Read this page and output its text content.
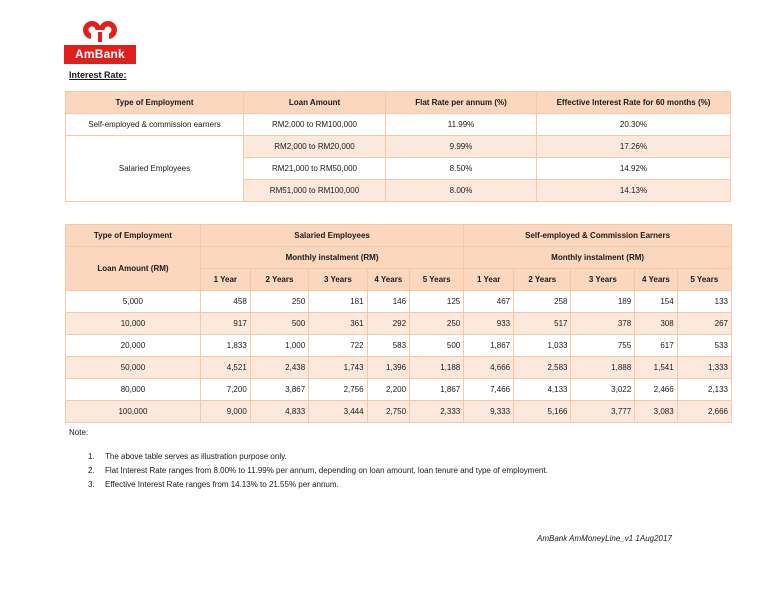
AmBank
Interest Rate:
Type of Employment	Loan Amount	Flat Rate per annum (%)	Effective Interest Rate for 60 months (%)
Self-employed & commission earners	RM2,000 to RM100,000	11.99%	20.30%
Salaried Employees	RM2,000 to RM20,000	9.99%	17.26%
	RM21,000 to RM50,000	8.50%	14.92%
	RM51,000 to RM100,000	8.00%	14.13%
Type of Employment	Salaried Employees					Self-employed & Commission Earners				
Loan Amount (RM)	Monthly instalment (RM)					Monthly instalment (RM)				
	1 Year	2 Years	3 Years	4 Years	5 Years	1 Year	2 Years	3 Years	4 Years	5 Years
5,000	458	250	181	146	125	467	258	189	154	133
10,000	917	500	361	292	250	933	517	378	308	267
20,000	1,833	1,000	722	583	500	1,867	1,033	755	617	533
50,000	4,521	2,438	1,743	1,396	1,188	4,666	2,583	1,888	1,541	1,333
80,000	7,200	3,867	2,756	2,200	1,867	7,466	4,133	3,022	2,466	2,133
100,000	9,000	4,833	3,444	2,750	2,333	9,333	5,166	3,777	3,083	2,666
Note:
1. The above table serves as illustration purpose only.
2. Flat Interest Rate ranges from 8.00% to 11.99% per annum, depending on loan amount, loan tenure and type of employment.
3. Effective Interest Rate ranges from 14.13% to 21.55% per annum.
AmBank AmMoneyLine_v1 1Aug2017
